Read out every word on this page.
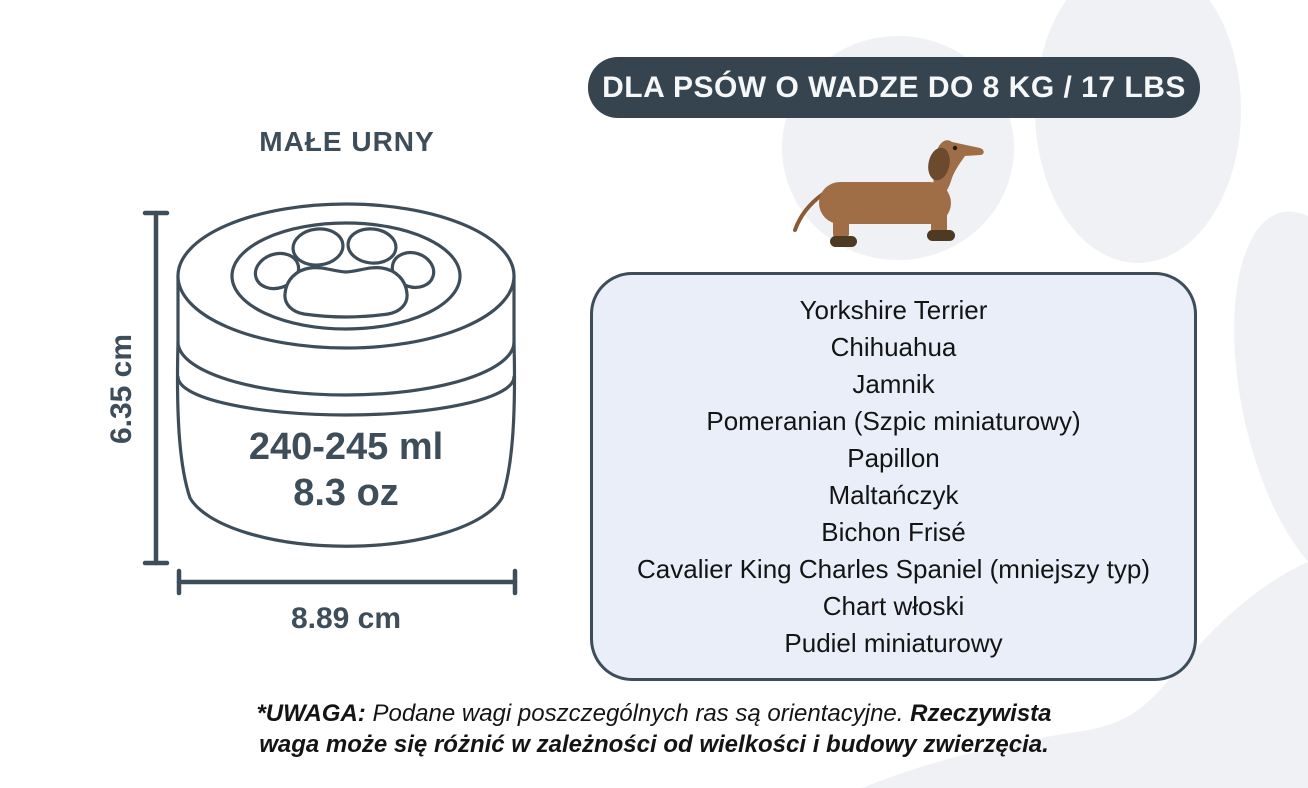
DLA PSÓW O WADZE DO 8 KG / 17 LBS
MAŁE URNY
240-245 ml
8.3 oz
6.35 cm
8.89 cm
Yorkshire Terrier
Chihuahua
Jamnik
Pomeranian (Szpic miniaturowy)
Papillon
Maltańczyk
Bichon Frisé
Cavalier King Charles Spaniel (mniejszy typ)
Chart włoski
Pudiel miniaturowy
*UWAGA: Podane wagi poszczególnych ras są orientacyjne. Rzeczywista waga może się różnić w zależności od wielkości i budowy zwierzęcia.
